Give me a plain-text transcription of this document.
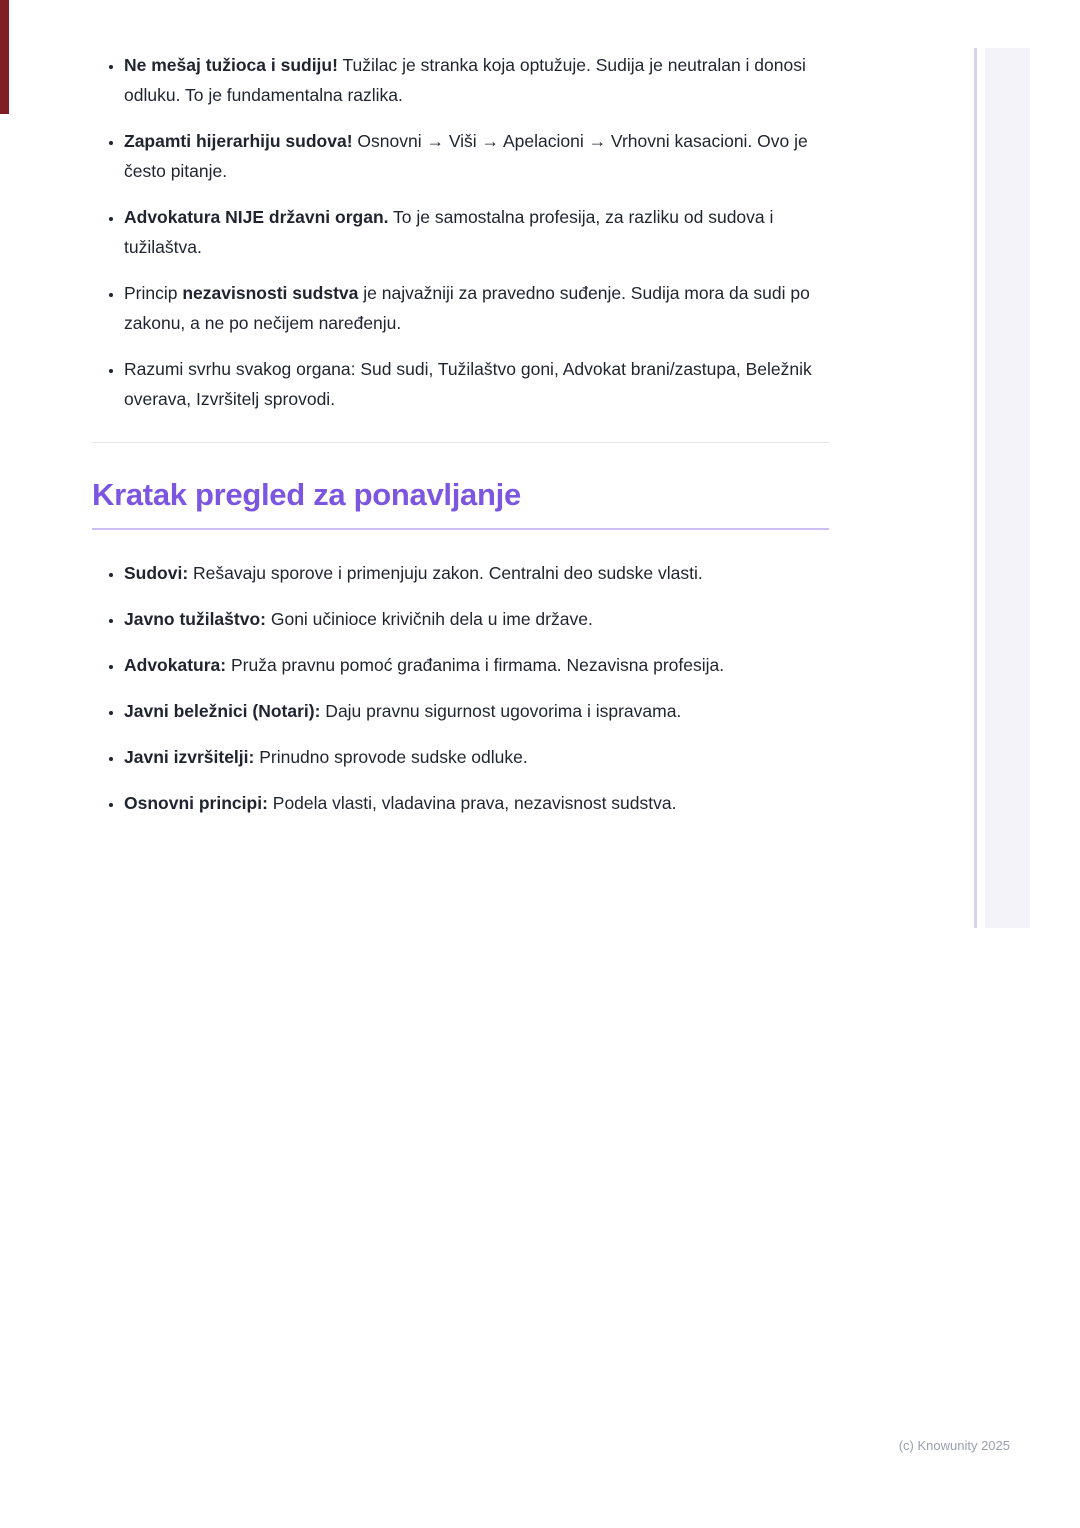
• Ne mešaj tužioca i sudiju! Tužilac je stranka koja optužuje. Sudija je neutralan i donosi odluku. To je fundamentalna razlika.
• Zapamti hijerarhiju sudova! Osnovni → Viši → Apelacioni → Vrhovni kasacioni. Ovo je često pitanje.
• Advokatura NIJE državni organ. To je samostalna profesija, za razliku od sudova i tužilaštva.
• Princip nezavisnosti sudstva je najvažniji za pravedno suđenje. Sudija mora da sudi po zakonu, a ne po nečijem naređenju.
• Razumi svrhu svakog organa: Sud sudi, Tužilaštvo goni, Advokat brani/zastupa, Beležnik overava, Izvršitelj sprovodi.
Kratak pregled za ponavljanje
• Sudovi: Rešavaju sporove i primenjuju zakon. Centralni deo sudske vlasti.
• Javno tužilaštvo: Goni učinioce krivičnih dela u ime države.
• Advokatura: Pruža pravnu pomoć građanima i firmama. Nezavisna profesija.
• Javni beležnici (Notari): Daju pravnu sigurnost ugovorima i ispravama.
• Javni izvršitelji: Prinudno sprovode sudske odluke.
• Osnovni principi: Podela vlasti, vladavina prava, nezavisnost sudstva.
(c) Knowunity 2025
